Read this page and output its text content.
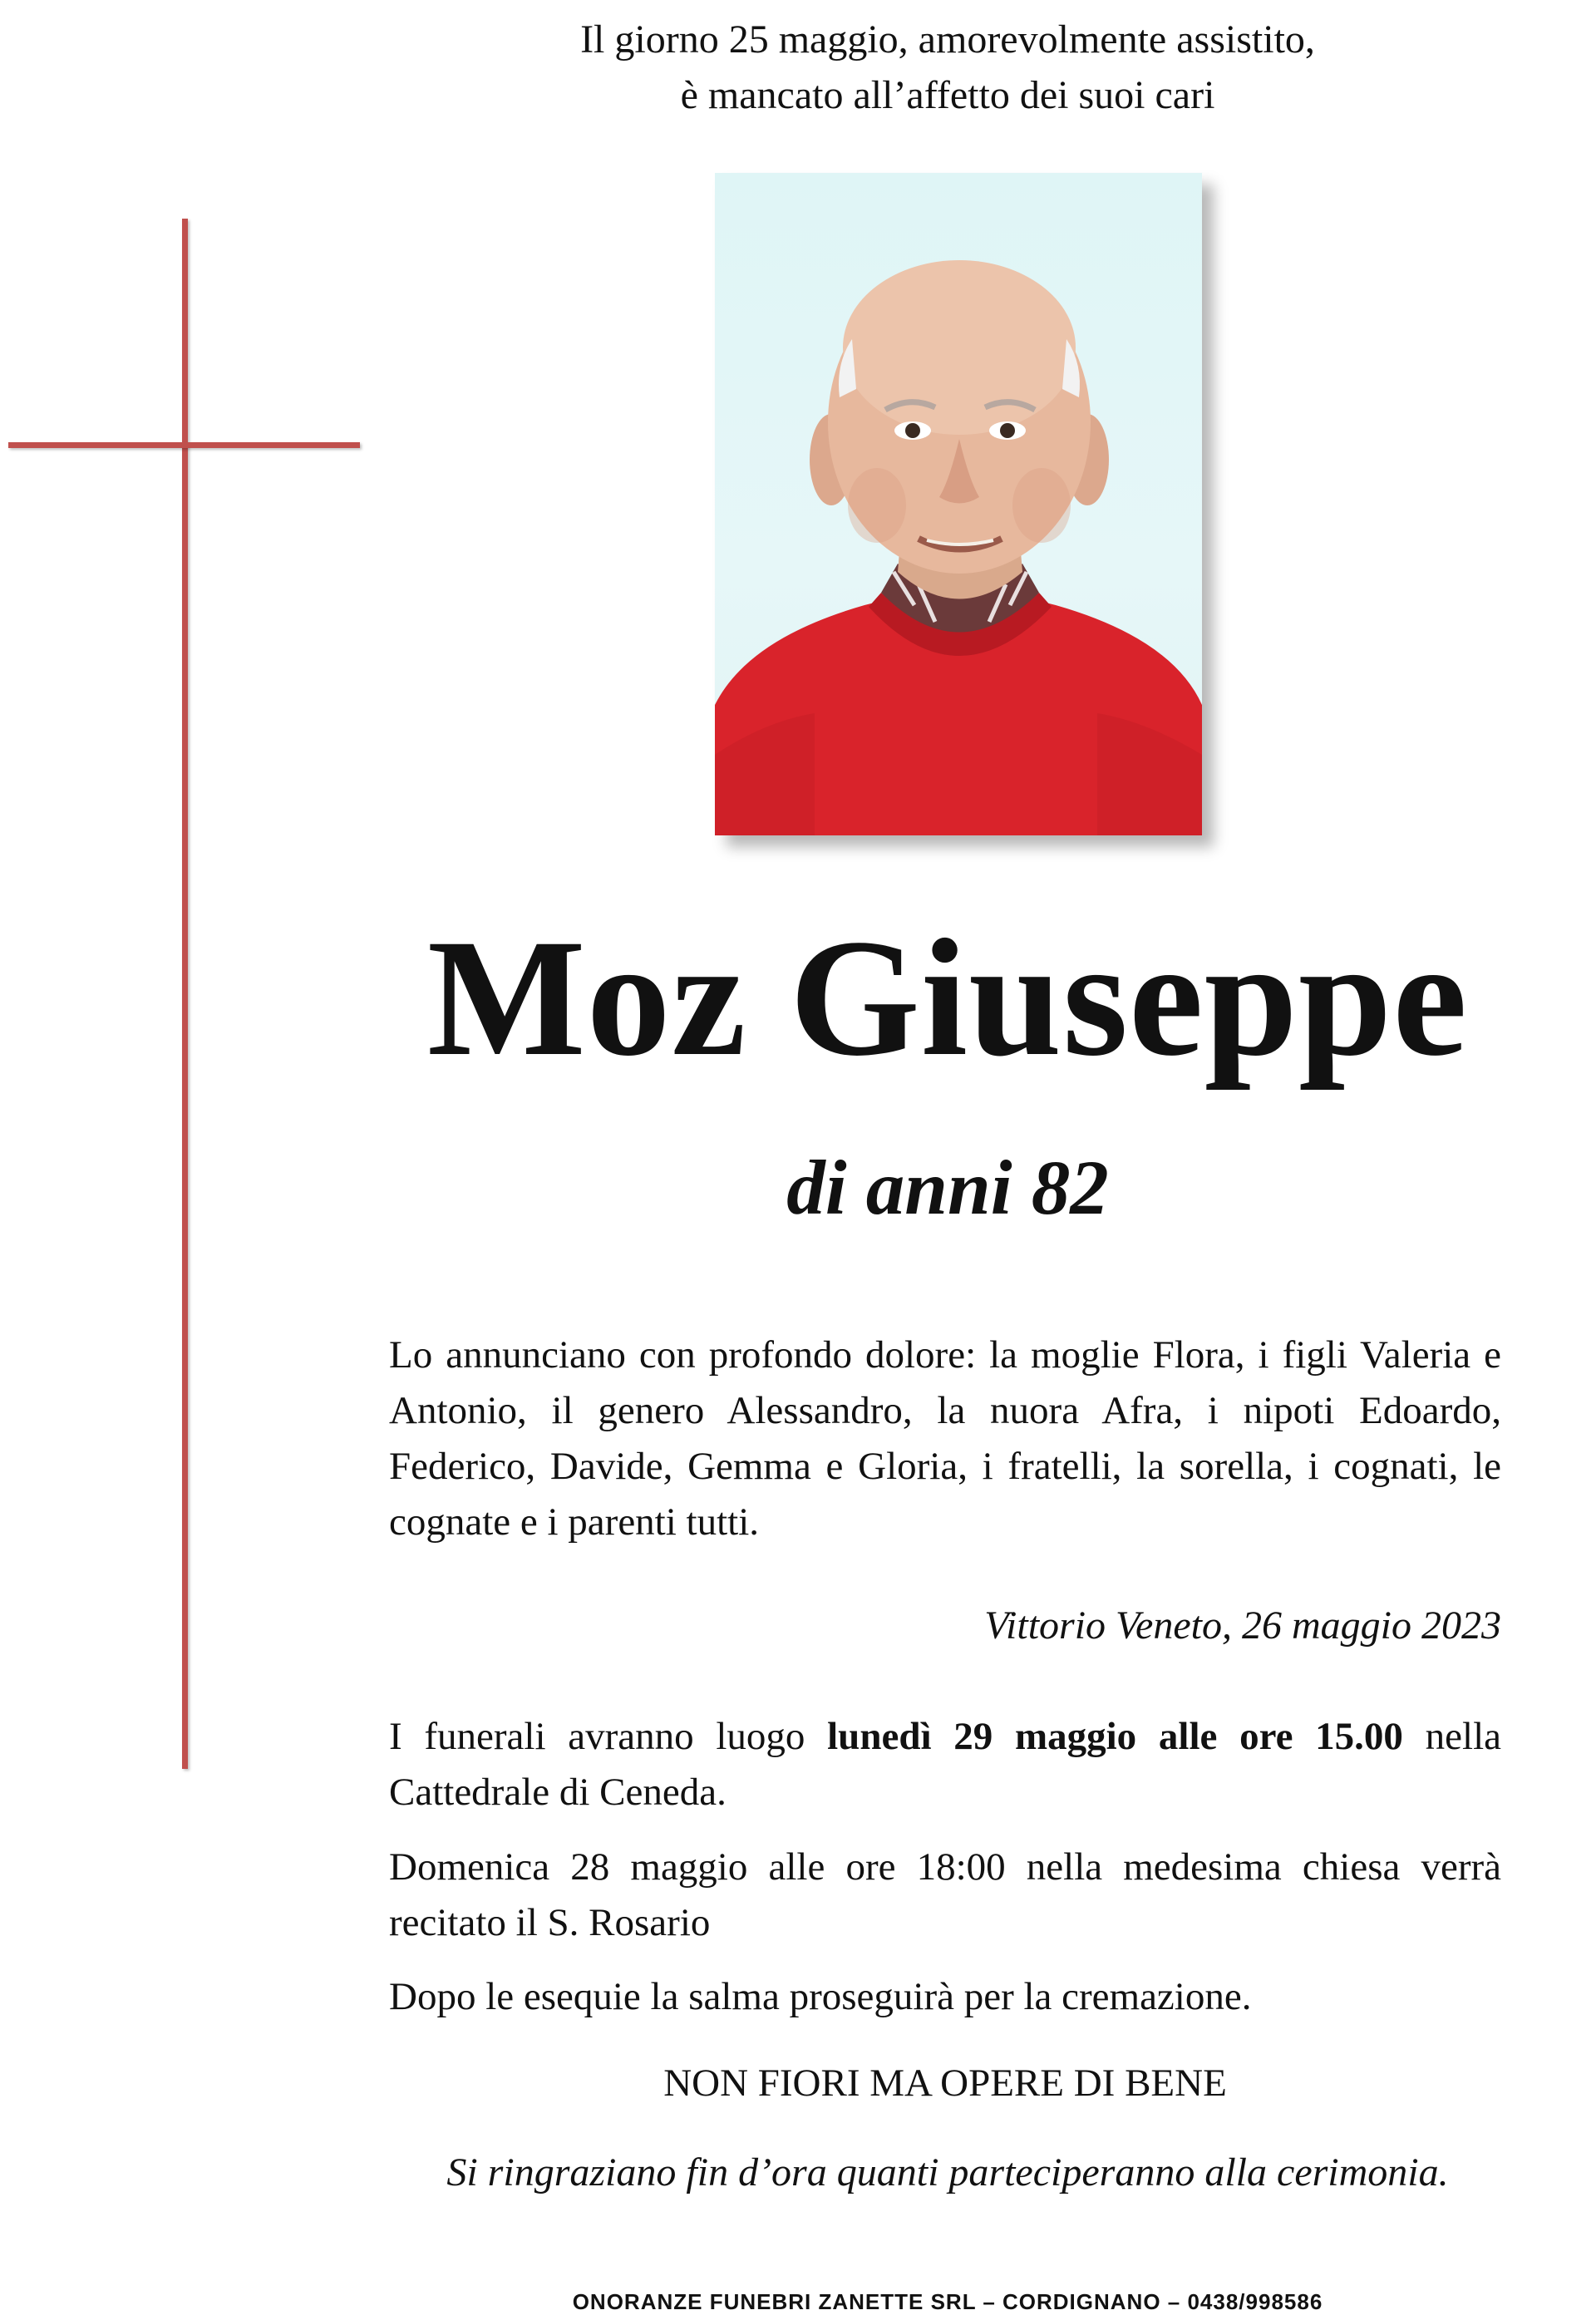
Il giorno 25 maggio, amorevolmente assistito,
è mancato all’affetto dei suoi cari
Moz Giuseppe
di anni 82
Lo annunciano con profondo dolore: la moglie Flora, i figli Valeria e Antonio, il genero Alessandro, la nuora Afra, i nipoti Edoardo, Federico, Davide, Gemma e Gloria, i fratelli, la sorella, i cognati, le cognate e i parenti tutti.
Vittorio Veneto, 26 maggio 2023
I funerali avranno luogo lunedì 29 maggio alle ore 15.00 nella Cattedrale di Ceneda.
Domenica 28 maggio alle ore 18:00 nella medesima chiesa verrà recitato il S. Rosario
Dopo le esequie la salma proseguirà per la cremazione.
NON FIORI MA OPERE DI BENE
Si ringraziano fin d’ora quanti parteciperanno alla cerimonia.
ONORANZE FUNEBRI ZANETTE SRL – CORDIGNANO – 0438/998586
